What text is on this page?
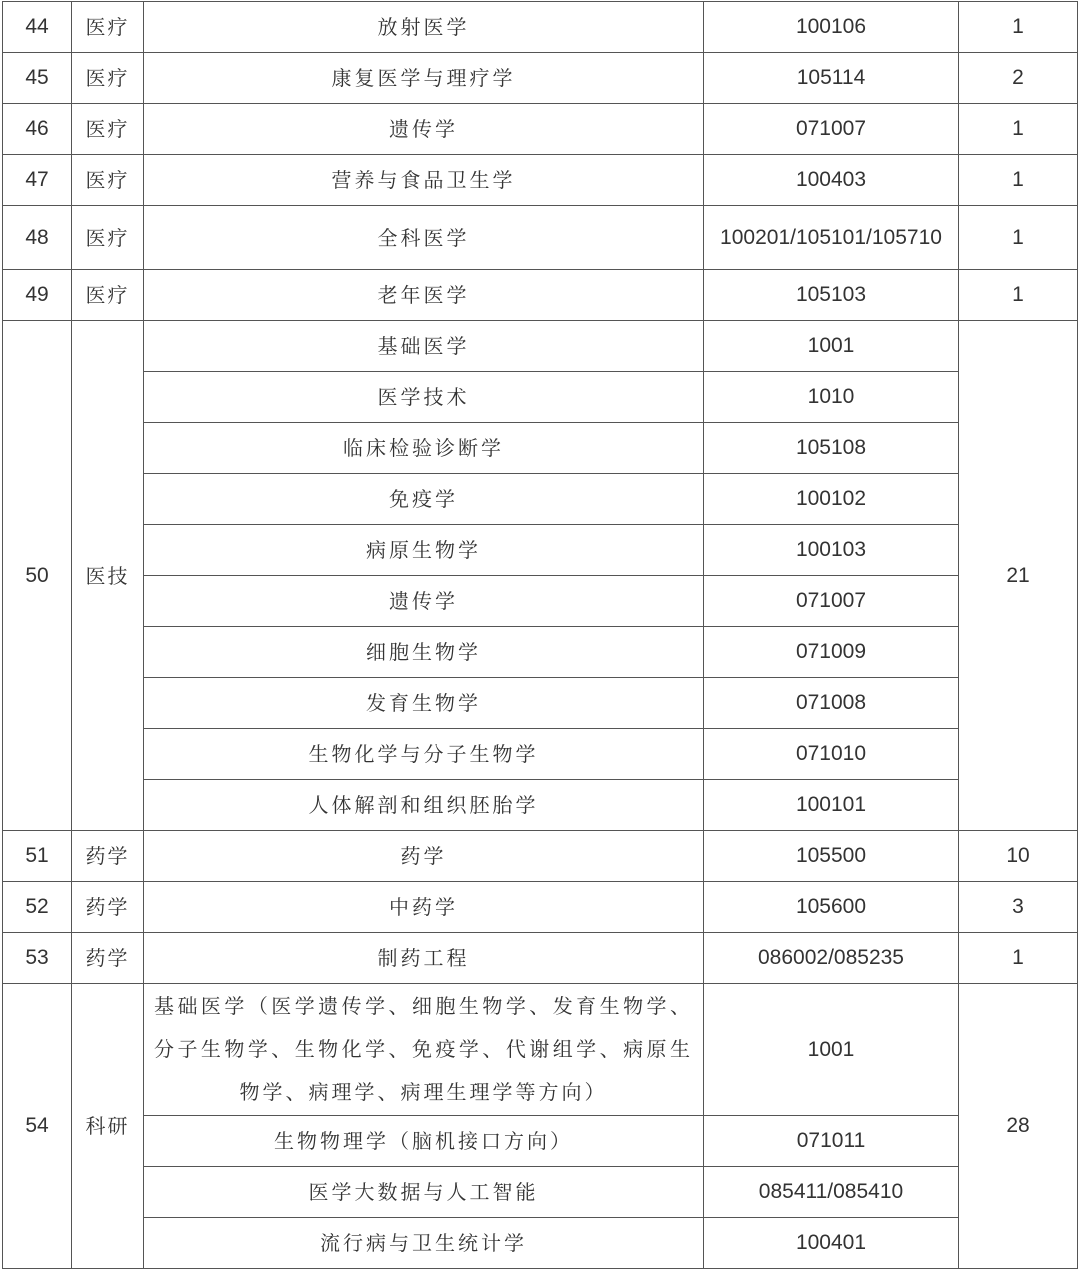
44	医疗	放射医学	100106	1
45	医疗	康复医学与理疗学	105114	2
46	医疗	遗传学	071007	1
47	医疗	营养与食品卫生学	100403	1
48	医疗	全科医学	100201/105101/105710	1
49	医疗	老年医学	105103	1
50	医技	基础医学	1001	21
		医学技术	1010	
		临床检验诊断学	105108	
		免疫学	100102	
		病原生物学	100103	
		遗传学	071007	
		细胞生物学	071009	
		发育生物学	071008	
		生物化学与分子生物学	071010	
		人体解剖和组织胚胎学	100101	
51	药学	药学	105500	10
52	药学	中药学	105600	3
53	药学	制药工程	086002/085235	1
54	科研	基础医学（医学遗传学、细胞生物学、发育生物学、分子生物学、生物化学、免疫学、代谢组学、病原生物学、病理学、病理生理学等方向）	1001	28
		生物物理学（脑机接口方向）	071011	
		医学大数据与人工智能	085411/085410	
		流行病与卫生统计学	100401	
